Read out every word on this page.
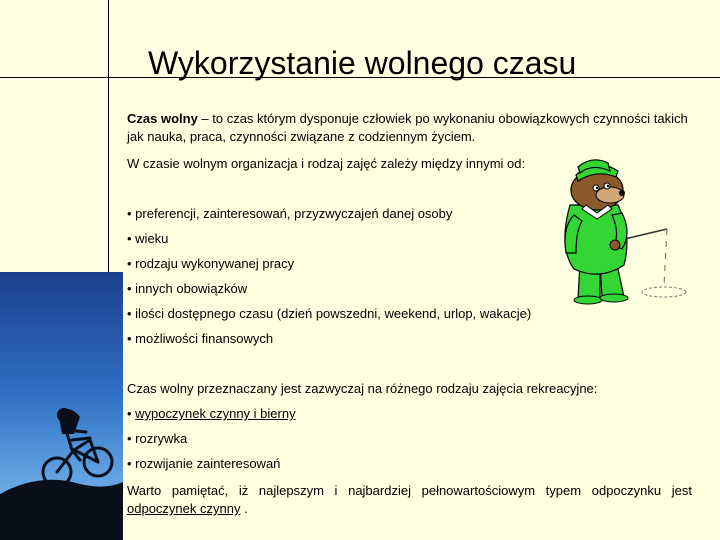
Wykorzystanie wolnego czasu
Czas wolny – to czas którym dysponuje człowiek po wykonaniu obowiązkowych czynności takich jak nauka, praca, czynności związane z codziennym życiem.
W czasie wolnym organizacja i rodzaj zajęć zależy między innymi od:
• preferencji, zainteresowań, przyzwyczajeń danej osoby
• wieku
• rodzaju wykonywanej pracy
• innych obowiązków
• ilości dostępnego czasu (dzień powszedni, weekend, urlop, wakacje)
• możliwości finansowych
Czas wolny przeznaczany jest zazwyczaj na różnego rodzaju zajęcia rekreacyjne:
• wypoczynek czynny i bierny
• rozrywka
• rozwijanie zainteresowań
Warto pamiętać, iż najlepszym i najbardziej pełnowartościowym typem odpoczynku jest odpoczynek czynny .
